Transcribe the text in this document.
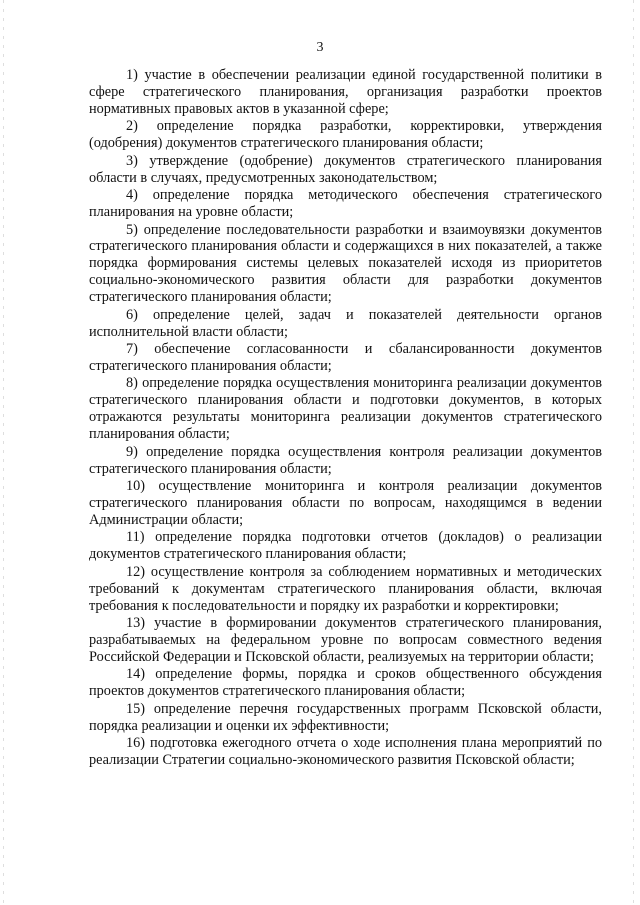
3

1) участие в обеспечении реализации единой государственной политики в сфере стратегического планирования, организация разработки проектов нормативных правовых актов в указанной сфере;

2) определение порядка разработки, корректировки, утверждения (одобрения) документов стратегического планирования области;

3) утверждение (одобрение) документов стратегического планирования области в случаях, предусмотренных законодательством;

4) определение порядка методического обеспечения стратегического планирования на уровне области;

5) определение последовательности разработки и взаимоувязки документов стратегического планирования области и содержащихся в них показателей, а также порядка формирования системы целевых показателей исходя из приоритетов социально-экономического развития области для разработки документов стратегического планирования области;

6) определение целей, задач и показателей деятельности органов исполнительной власти области;

7) обеспечение согласованности и сбалансированности документов стратегического планирования области;

8) определение порядка осуществления мониторинга реализации документов стратегического планирования области и подготовки документов, в которых отражаются результаты мониторинга реализации документов стратегического планирования области;

9) определение порядка осуществления контроля реализации документов стратегического планирования области;

10) осуществление мониторинга и контроля реализации документов стратегического планирования области по вопросам, находящимся в ведении Администрации области;

11) определение порядка подготовки отчетов (докладов) о реализации документов стратегического планирования области;

12) осуществление контроля за соблюдением нормативных и методических требований к документам стратегического планирования области, включая требования к последовательности и порядку их разработки и корректировки;

13) участие в формировании документов стратегического планирования, разрабатываемых на федеральном уровне по вопросам совместного ведения Российской Федерации и Псковской области, реализуемых на территории области;

14) определение формы, порядка и сроков общественного обсуждения проектов документов стратегического планирования области;

15) определение перечня государственных программ Псковской области, порядка реализации и оценки их эффективности;

16) подготовка ежегодного отчета о ходе исполнения плана мероприятий по реализации Стратегии социально-экономического развития Псковской области;
